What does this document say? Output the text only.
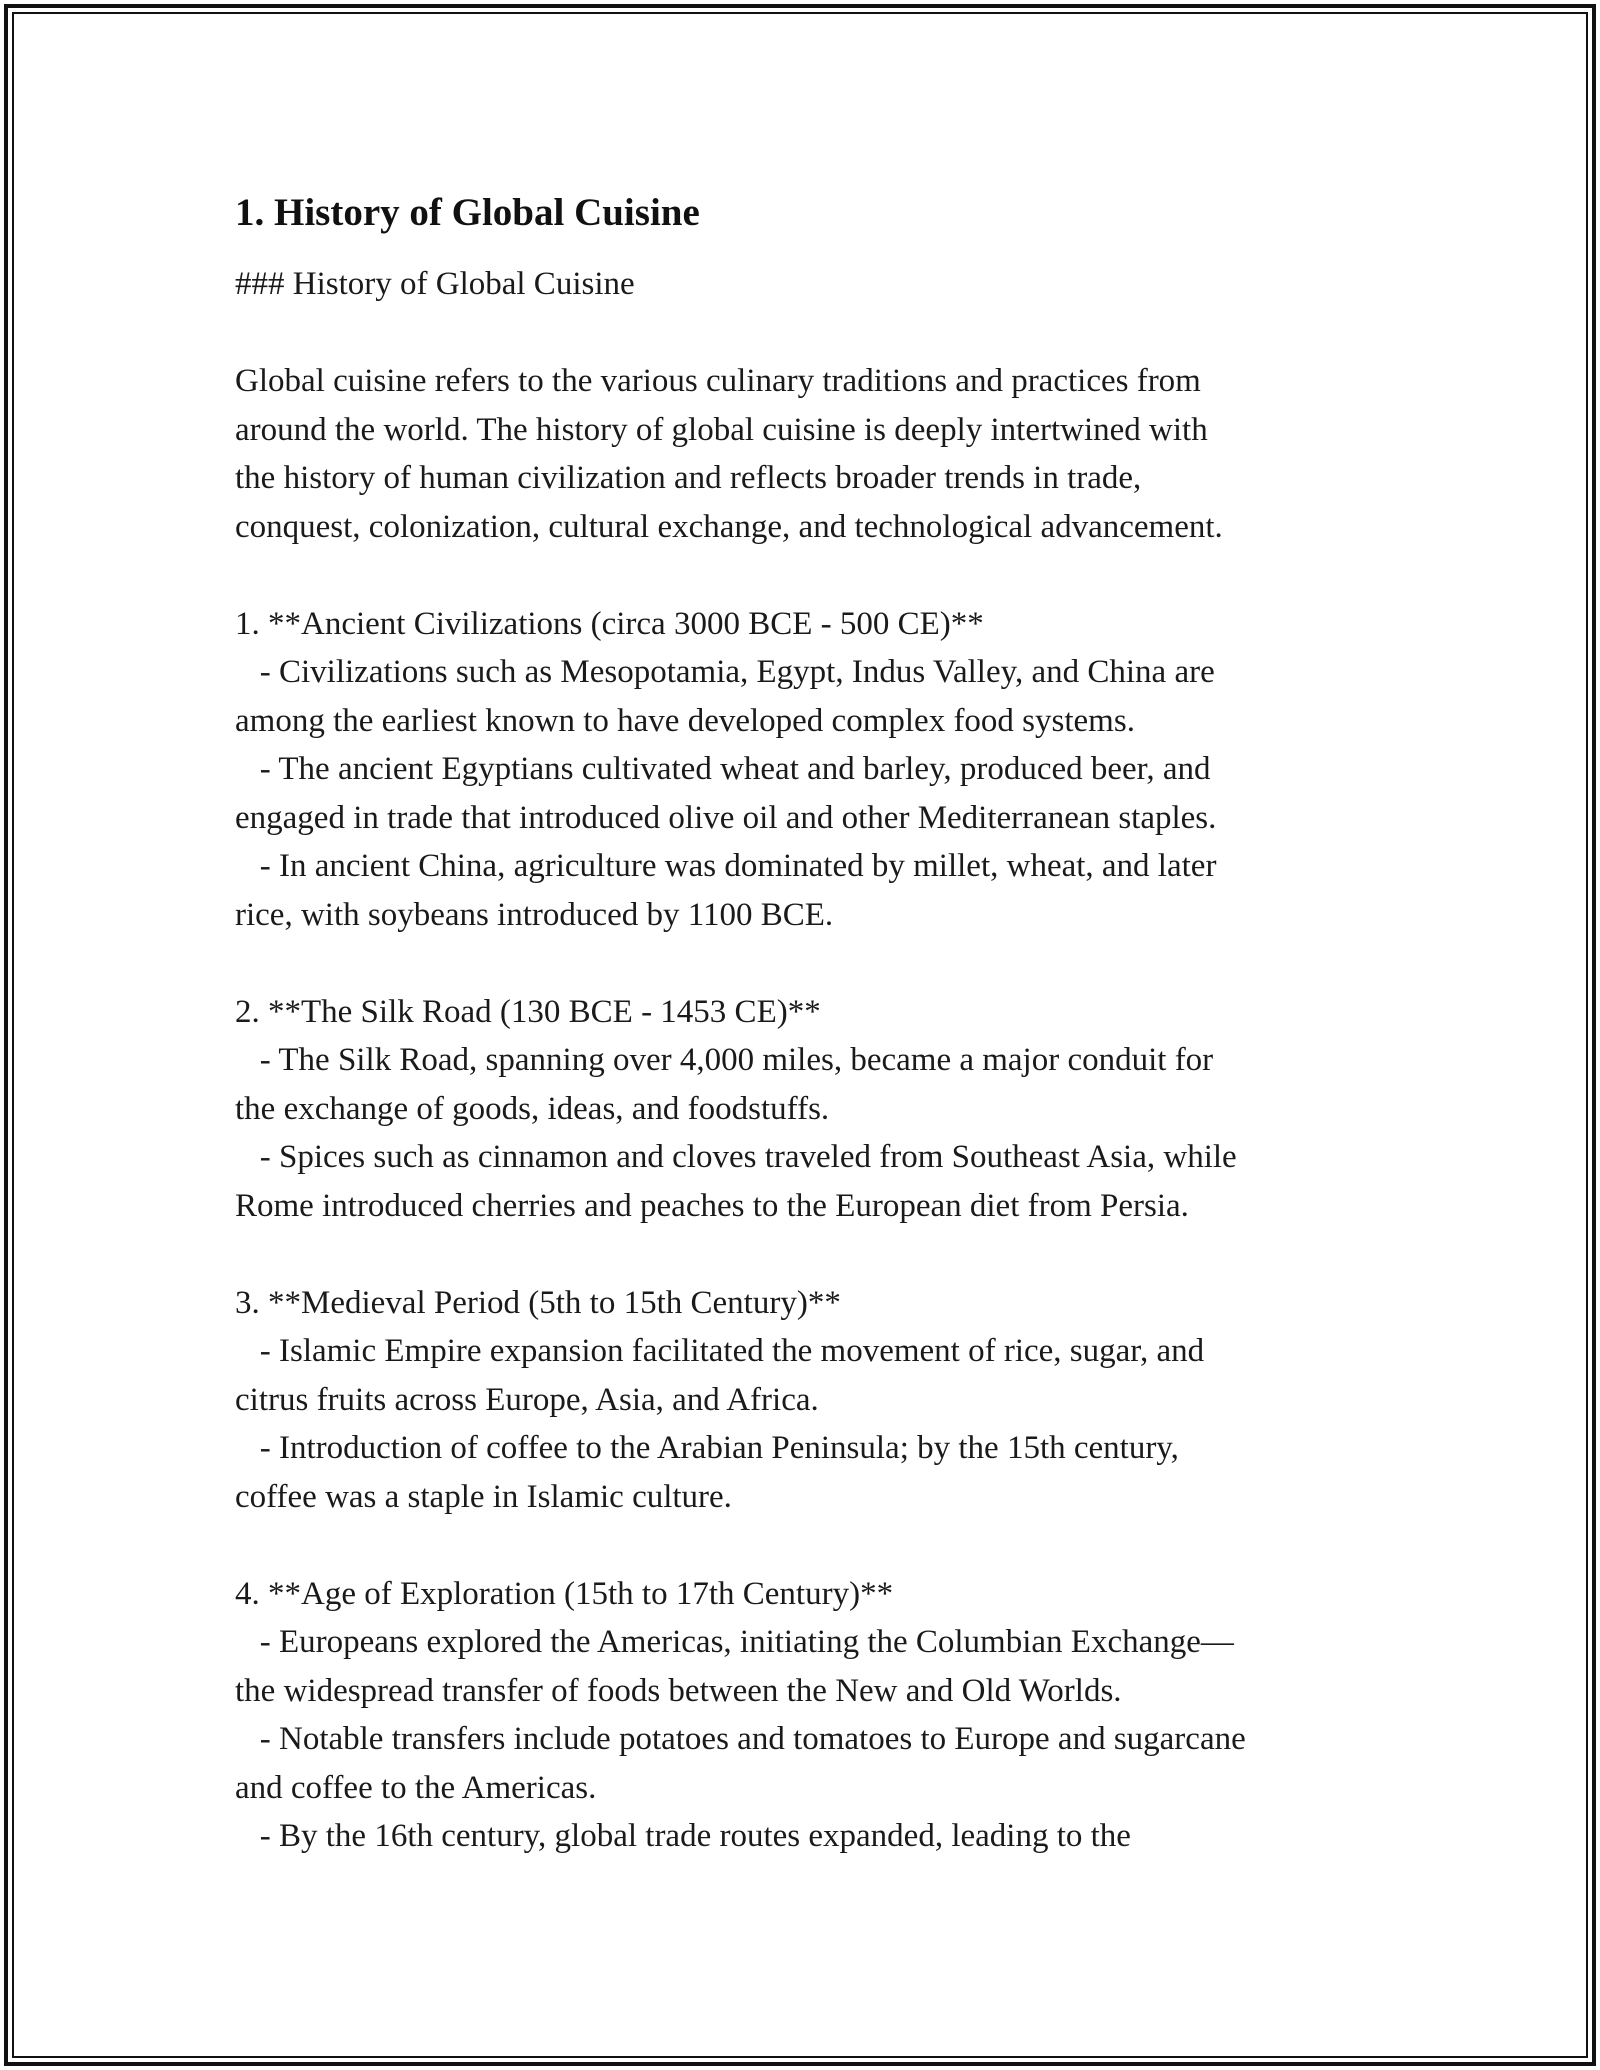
1. History of Global Cuisine

### History of Global Cuisine

Global cuisine refers to the various culinary traditions and practices from
around the world. The history of global cuisine is deeply intertwined with
the history of human civilization and reflects broader trends in trade,
conquest, colonization, cultural exchange, and technological advancement.

1. **Ancient Civilizations (circa 3000 BCE - 500 CE)**
- Civilizations such as Mesopotamia, Egypt, Indus Valley, and China are
among the earliest known to have developed complex food systems.
- The ancient Egyptians cultivated wheat and barley, produced beer, and
engaged in trade that introduced olive oil and other Mediterranean staples.
- In ancient China, agriculture was dominated by millet, wheat, and later
rice, with soybeans introduced by 1100 BCE.

2. **The Silk Road (130 BCE - 1453 CE)**
- The Silk Road, spanning over 4,000 miles, became a major conduit for
the exchange of goods, ideas, and foodstuffs.
- Spices such as cinnamon and cloves traveled from Southeast Asia, while
Rome introduced cherries and peaches to the European diet from Persia.

3. **Medieval Period (5th to 15th Century)**
- Islamic Empire expansion facilitated the movement of rice, sugar, and
citrus fruits across Europe, Asia, and Africa.
- Introduction of coffee to the Arabian Peninsula; by the 15th century,
coffee was a staple in Islamic culture.

4. **Age of Exploration (15th to 17th Century)**
- Europeans explored the Americas, initiating the Columbian Exchange—
the widespread transfer of foods between the New and Old Worlds.
- Notable transfers include potatoes and tomatoes to Europe and sugarcane
and coffee to the Americas.
- By the 16th century, global trade routes expanded, leading to the
